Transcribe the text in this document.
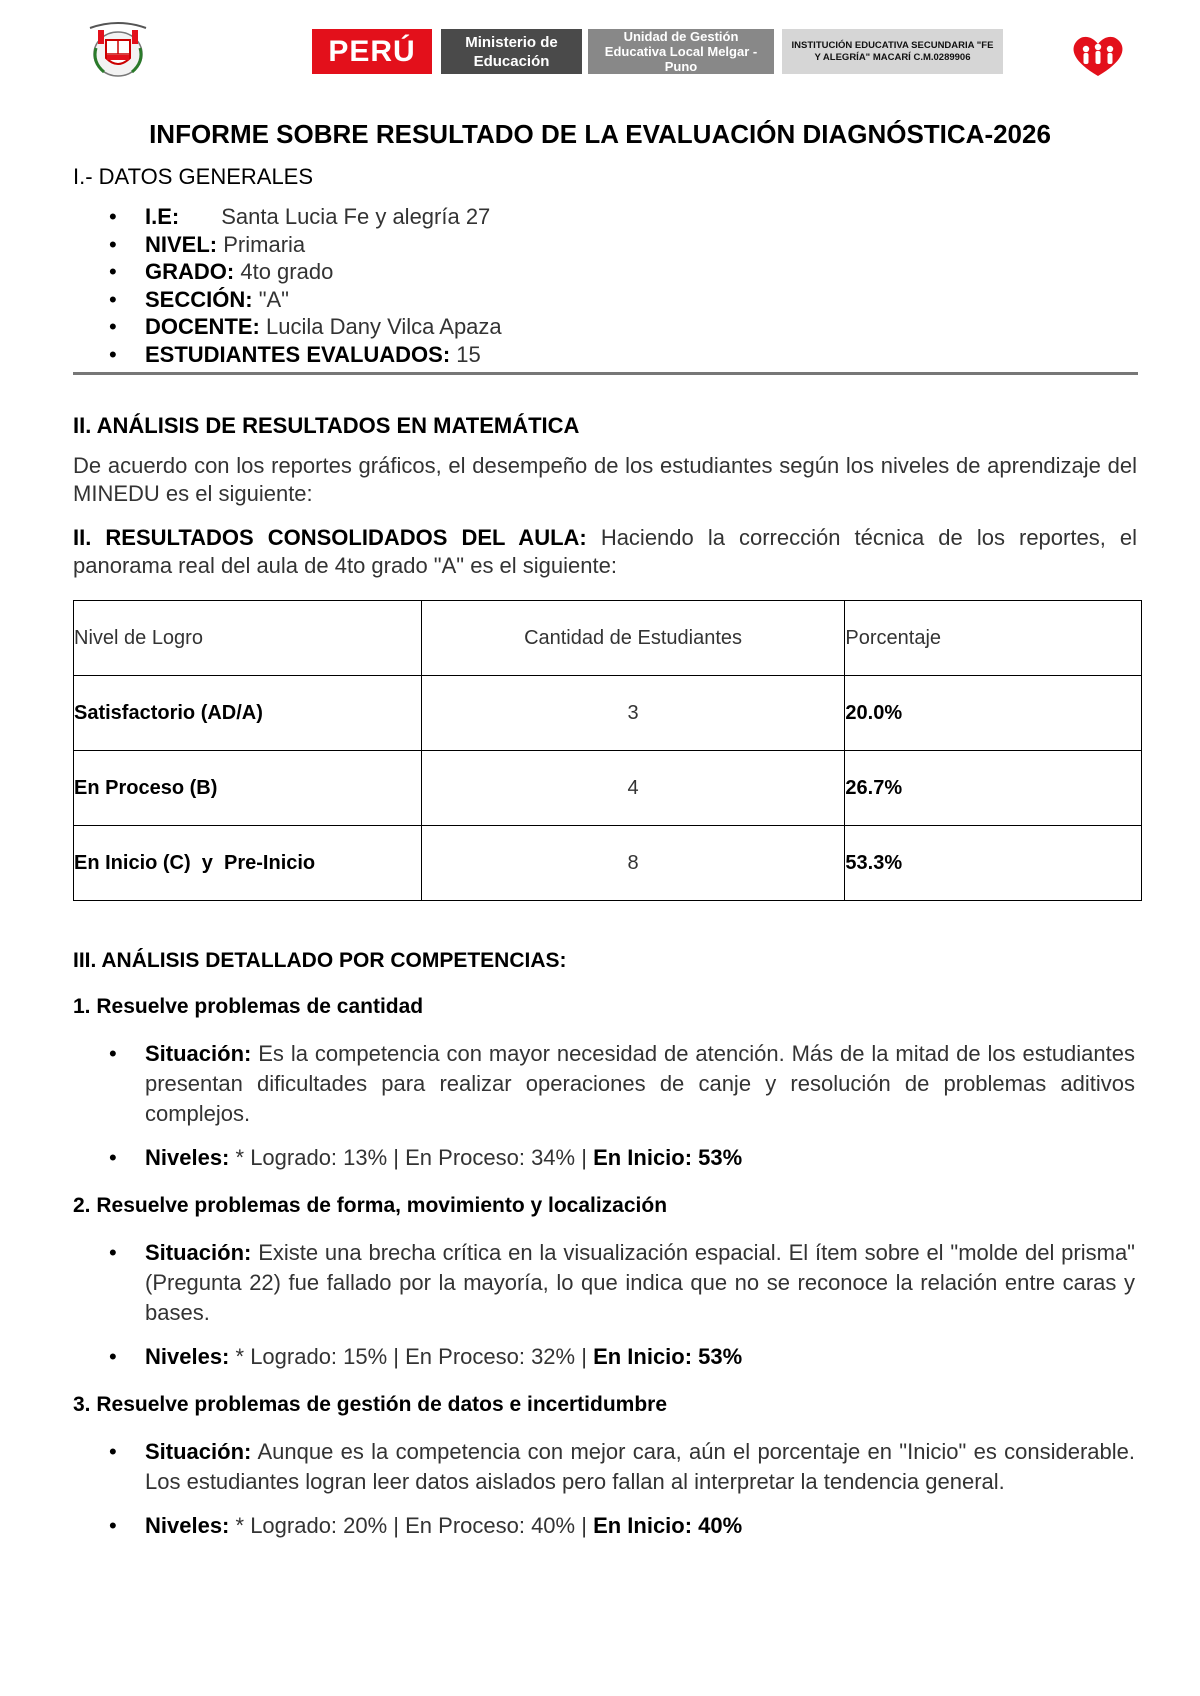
PERÚ	Ministerio de Educación
Unidad de Gestión Educativa Local Melgar - Puno
INSTITUCIÓN EDUCATIVA SECUNDARIA "FE Y ALEGRÍA" MACARÍ C.M.0289906
INFORME SOBRE RESULTADO DE LA EVALUACIÓN DIAGNÓSTICA-2026
I.- DATOS GENERALES
• I.E: Santa Lucia Fe y alegría 27
• NIVEL: Primaria
• GRADO: 4to grado
• SECCIÓN: "A"
• DOCENTE: Lucila Dany Vilca Apaza
• ESTUDIANTES EVALUADOS: 15
II. ANÁLISIS DE RESULTADOS EN MATEMÁTICA
De acuerdo con los reportes gráficos, el desempeño de los estudiantes según los niveles de aprendizaje del MINEDU es el siguiente:
II. RESULTADOS CONSOLIDADOS DEL AULA: Haciendo la corrección técnica de los reportes, el panorama real del aula de 4to grado "A" es el siguiente:
Nivel de Logro	Cantidad de Estudiantes	Porcentaje
Satisfactorio (AD/A)	3	20.0%
En Proceso (B)	4	26.7%
En Inicio (C)  y  Pre-Inicio	8	53.3%
III. ANÁLISIS DETALLADO POR COMPETENCIAS:
1. Resuelve problemas de cantidad
• Situación: Es la competencia con mayor necesidad de atención. Más de la mitad de los estudiantes presentan dificultades para realizar operaciones de canje y resolución de problemas aditivos complejos.
• Niveles: * Logrado: 13% | En Proceso: 34% | En Inicio: 53%
2. Resuelve problemas de forma, movimiento y localización
• Situación: Existe una brecha crítica en la visualización espacial. El ítem sobre el "molde del prisma" (Pregunta 22) fue fallado por la mayoría, lo que indica que no se reconoce la relación entre caras y bases.
• Niveles: * Logrado: 15% | En Proceso: 32% | En Inicio: 53%
3. Resuelve problemas de gestión de datos e incertidumbre
• Situación: Aunque es la competencia con mejor cara, aún el porcentaje en "Inicio" es considerable. Los estudiantes logran leer datos aislados pero fallan al interpretar la tendencia general.
• Niveles: * Logrado: 20% | En Proceso: 40% | En Inicio: 40%
